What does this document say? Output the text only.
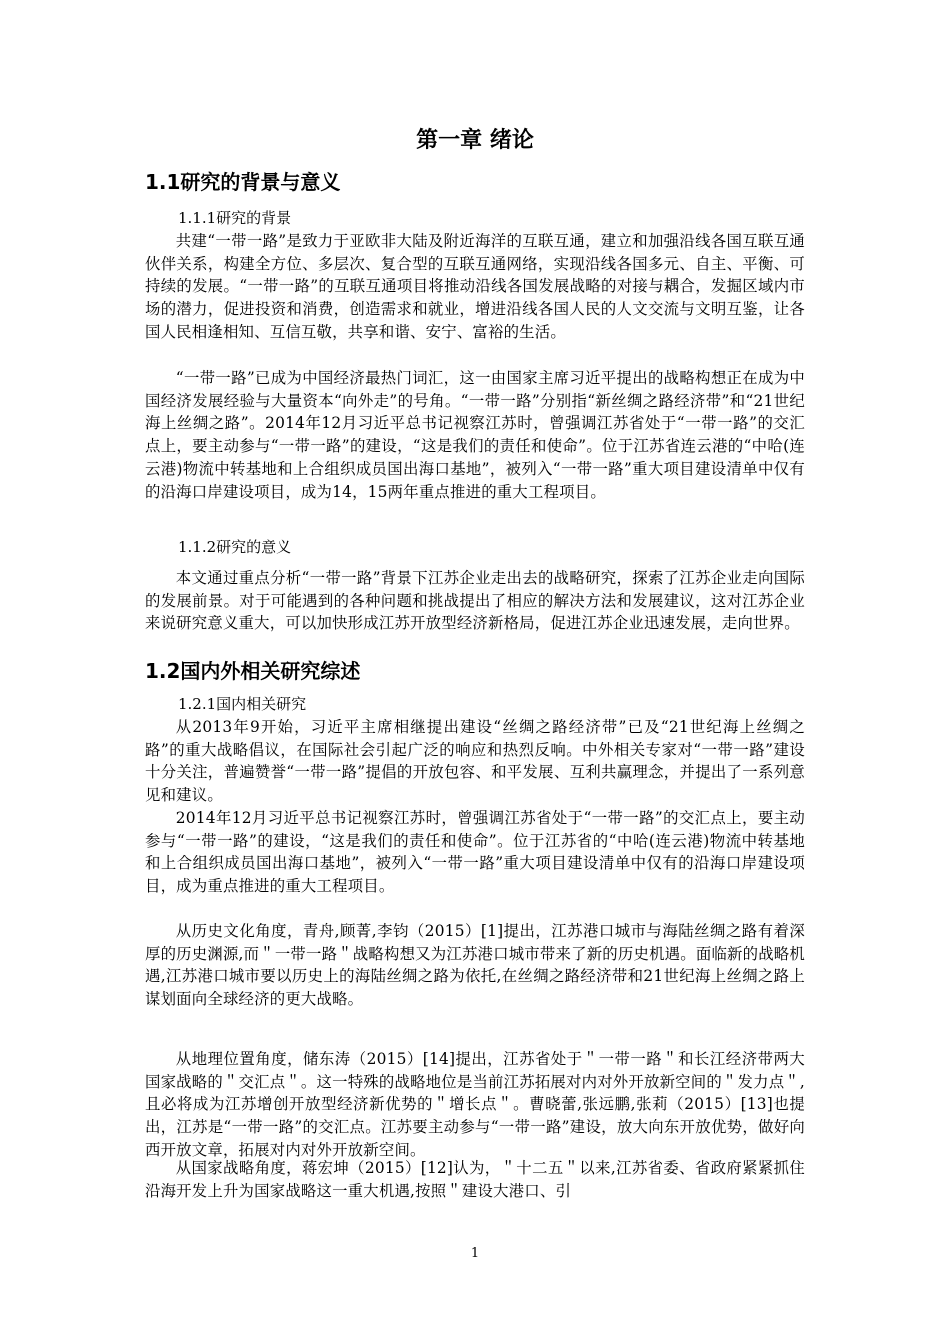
第一章 绪论
1.1研究的背景与意义
1.1.1研究的背景

共建“一带一路”是致力于亚欧非大陆及附近海洋的互联互通，建立和加强沿线各国互联互通伙伴关系，构建全方位、多层次、复合型的互联互通网络，实现沿线各国多元、自主、平衡、可持续的发展。“一带一路”的互联互通项目将推动沿线各国发展战略的对接与耦合，发掘区域内市场的潜力，促进投资和消费，创造需求和就业，增进沿线各国人民的人文交流与文明互鉴，让各国人民相逢相知、互信互敬，共享和谐、安宁、富裕的生活。

“一带一路”已成为中国经济最热门词汇，这一由国家主席习近平提出的战略构想正在成为中国经济发展经验与大量资本“向外走”的号角。“一带一路”分别指“新丝绸之路经济带”和“21世纪海上丝绸之路”。2014年12月习近平总书记视察江苏时，曾强调江苏省处于“一带一路”的交汇点上，要主动参与“一带一路”的建设，“这是我们的责任和使命”。位于江苏省连云港的“中哈(连云港)物流中转基地和上合组织成员国出海口基地”，被列入“一带一路”重大项目建设清单中仅有的沿海口岸建设项目，成为14，15两年重点推进的重大工程项目。

1.1.2研究的意义

本文通过重点分析“一带一路”背景下江苏企业走出去的战略研究，探索了江苏企业走向国际的发展前景。对于可能遇到的各种问题和挑战提出了相应的解决方法和发展建议，这对江苏企业来说研究意义重大，可以加快形成江苏开放型经济新格局，促进江苏企业迅速发展，走向世界。

1.2国内外相关研究综述
1.2.1国内相关研究

从2013年9开始，习近平主席相继提出建设“丝绸之路经济带”已及“21世纪海上丝绸之路”的重大战略倡议，在国际社会引起广泛的响应和热烈反响。中外相关专家对“一带一路”建设十分关注，普遍赞誉“一带一路”提倡的开放包容、和平发展、互利共赢理念，并提出了一系列意见和建议。

2014年12月习近平总书记视察江苏时，曾强调江苏省处于“一带一路”的交汇点上，要主动参与“一带一路”的建设，“这是我们的责任和使命”。位于江苏省的“中哈(连云港)物流中转基地和上合组织成员国出海口基地”，被列入“一带一路”重大项目建设清单中仅有的沿海口岸建设项目，成为重点推进的重大工程项目。

从历史文化角度，青舟,顾菁,李钧（2015）[1]提出，江苏港口城市与海陆丝绸之路有着深厚的历史渊源,而＂一带一路＂战略构想又为江苏港口城市带来了新的历史机遇。面临新的战略机遇,江苏港口城市要以历史上的海陆丝绸之路为依托,在丝绸之路经济带和21世纪海上丝绸之路上谋划面向全球经济的更大战略。

从地理位置角度，储东涛（2015）[14]提出，江苏省处于＂一带一路＂和长江经济带两大国家战略的＂交汇点＂。这一特殊的战略地位是当前江苏拓展对内对外开放新空间的＂发力点＂,且必将成为江苏增创开放型经济新优势的＂增长点＂。曹晓蕾,张远鹏,张莉（2015）[13]也提出，江苏是“一带一路”的交汇点。江苏要主动参与“一带一路”建设，放大向东开放优势，做好向西开放文章，拓展对内对外开放新空间。

从国家战略角度，蒋宏坤（2015）[12]认为，＂十二五＂以来,江苏省委、省政府紧紧抓住沿海开发上升为国家战略这一重大机遇,按照＂建设大港口、引

1
